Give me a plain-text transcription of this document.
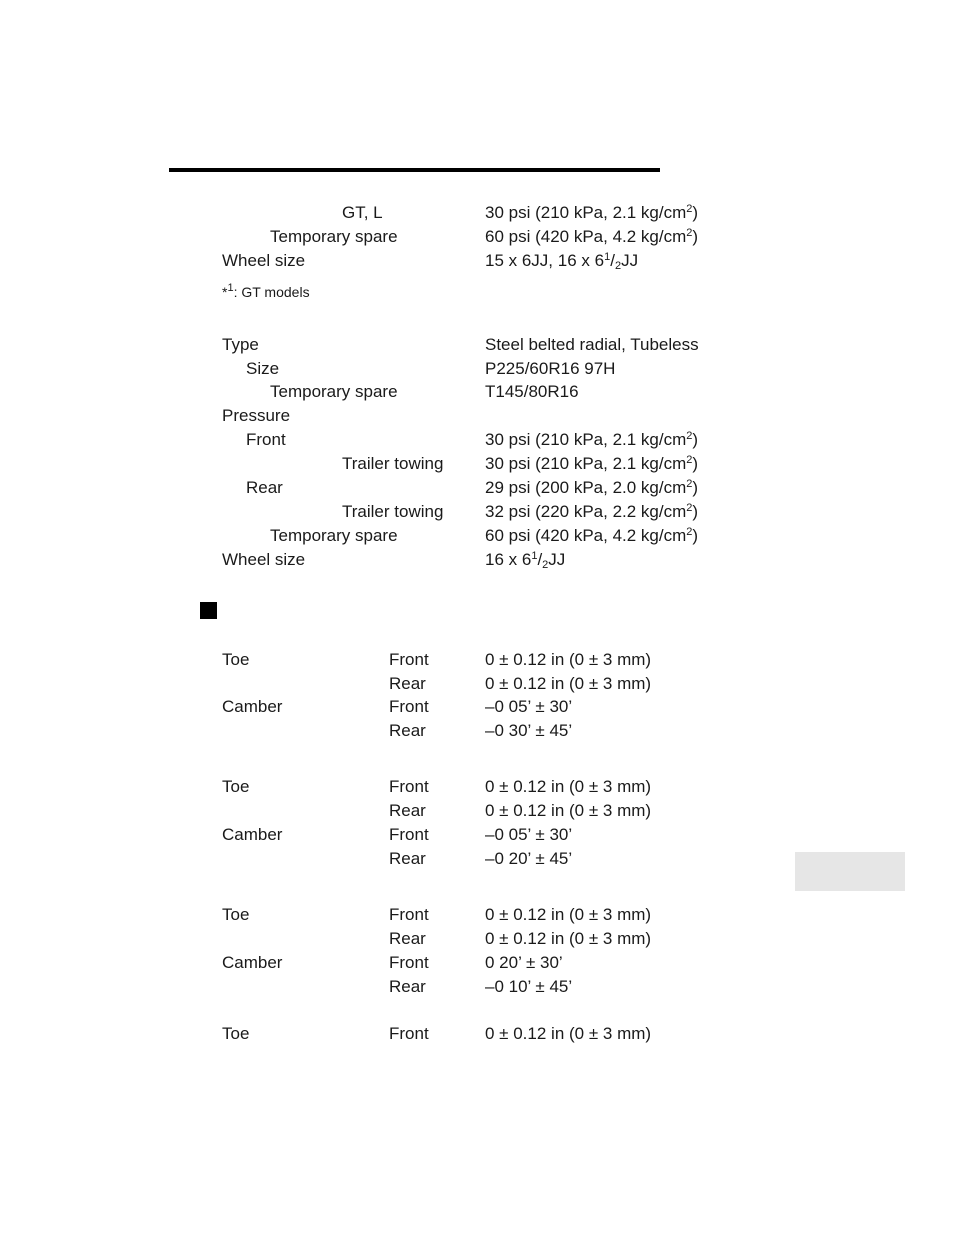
GT, L	30 psi (210 kPa, 2.1 $kg/cm^2$)
Temporary spare	60 psi (420 kPa, 4.2 $kg/cm^2$)
Wheel size	15 x 6JJ, 16 x $6^1/_2JJ$
*$^1$: GT models
Type	Steel belted radial, Tubeless
Size	P225/60R16 97H
Temporary spare	T145/80R16
Pressure
Front	30 psi (210 kPa, 2.1 $kg/cm^2$)
Trailer towing 30 psi (210 kPa, 2.1 $kg/cm^2$)
Rear	29 psi (200 kPa, 2.0 $kg/cm^2$)
Trailer towing 32 psi (220 kPa, 2.2 $kg/cm^2$)
Temporary spare	60 psi (420 kPa, 4.2 $kg/cm^2$)
Wheel size	16 x $6^1/_2JJ$
Toe	Front	0 ± 0.12 in (0 ± 3 mm)
Rear	0 ± 0.12 in (0 ± 3 mm)
Camber	Front	–0 05’ ± 30’
Rear	–0 30’ ± 45’
Toe	Front	0 ± 0.12 in (0 ± 3 mm)
Rear	0 ± 0.12 in (0 ± 3 mm)
Camber	Front	–0 05’ ± 30’
Rear	–0 20’ ± 45’
Toe	Front	0 ± 0.12 in (0 ± 3 mm)
Rear	0 ± 0.12 in (0 ± 3 mm)
Camber	Front	0 20’ ± 30’
Rear	–0 10’ ± 45’
Toe	Front	0 ± 0.12 in (0 ± 3 mm)
